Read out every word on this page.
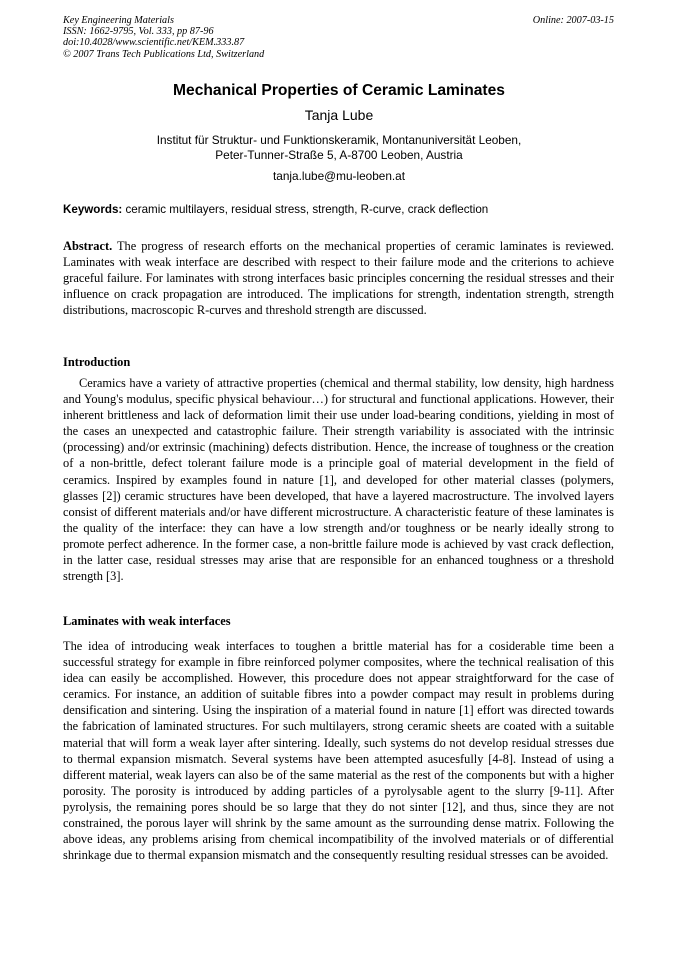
Key Engineering Materials
ISSN: 1662-9795, Vol. 333, pp 87-96
doi:10.4028/www.scientific.net/KEM.333.87
© 2007 Trans Tech Publications Ltd, Switzerland
Online: 2007-03-15
Mechanical Properties of Ceramic Laminates
Tanja Lube
Institut für Struktur- und Funktionskeramik, Montanuniversität Leoben,
Peter-Tunner-Straße 5, A-8700 Leoben, Austria
tanja.lube@mu-leoben.at
Keywords: ceramic multilayers, residual stress, strength, R-curve, crack deflection
Abstract. The progress of research efforts on the mechanical properties of ceramic laminates is reviewed. Laminates with weak interface are described with respect to their failure mode and the criterions to achieve graceful failure. For laminates with strong interfaces basic principles concerning the residual stresses and their influence on crack propagation are introduced. The implications for strength, indentation strength, strength distributions, macroscopic R-curves and threshold strength are discussed.
Introduction
Ceramics have a variety of attractive properties (chemical and thermal stability, low density, high hardness and Young's modulus, specific physical behaviour…) for structural and functional applications. However, their inherent brittleness and lack of deformation limit their use under load-bearing conditions, yielding in most of the cases an unexpected and catastrophic failure. Their strength variability is associated with the intrinsic (processing) and/or extrinsic (machining) defects distribution. Hence, the increase of toughness or the creation of a non-brittle, defect tolerant failure mode is a principle goal of material development in the field of ceramics. Inspired by examples found in nature [1], and developed for other material classes (polymers, glasses [2]) ceramic structures have been developed, that have a layered macrostructure. The involved layers consist of different materials and/or have different microstructure. A characteristic feature of these laminates is the quality of the interface: they can have a low strength and/or toughness or be nearly ideally strong to promote perfect adherence. In the former case, a non-brittle failure mode is achieved by vast crack deflection, in the latter case, residual stresses may arise that are responsible for an enhanced toughness or a threshold strength [3].
Laminates with weak interfaces
The idea of introducing weak interfaces to toughen a brittle material has for a cosiderable time been a successful strategy for example in fibre reinforced polymer composites, where the technical realisation of this idea can easily be accomplished. However, this procedure does not appear straightforward for the case of ceramics. For instance, an addition of suitable fibres into a powder compact may result in problems during densification and sintering. Using the inspiration of a material found in nature [1] effort was directed towards the fabrication of laminated structures. For such multilayers, strong ceramic sheets are coated with a suitable material that will form a weak layer after sintering. Ideally, such systems do not develop residual stresses due to thermal expansion mismatch. Several systems have been attempted asucesfully [4-8]. Instead of using a different material, weak layers can also be of the same material as the rest of the components but with a higher porosity. The porosity is introduced by adding particles of a pyrolysable agent to the slurry [9-11]. After pyrolysis, the remaining pores should be so large that they do not sinter [12], and thus, since they are not constrained, the porous layer will shrink by the same amount as the surrounding dense matrix. Following the above ideas, any problems arising from chemical incompatibility of the involved materials or of differential shrinkage due to thermal expansion mismatch and the consequently resulting residual stresses can be avoided.
